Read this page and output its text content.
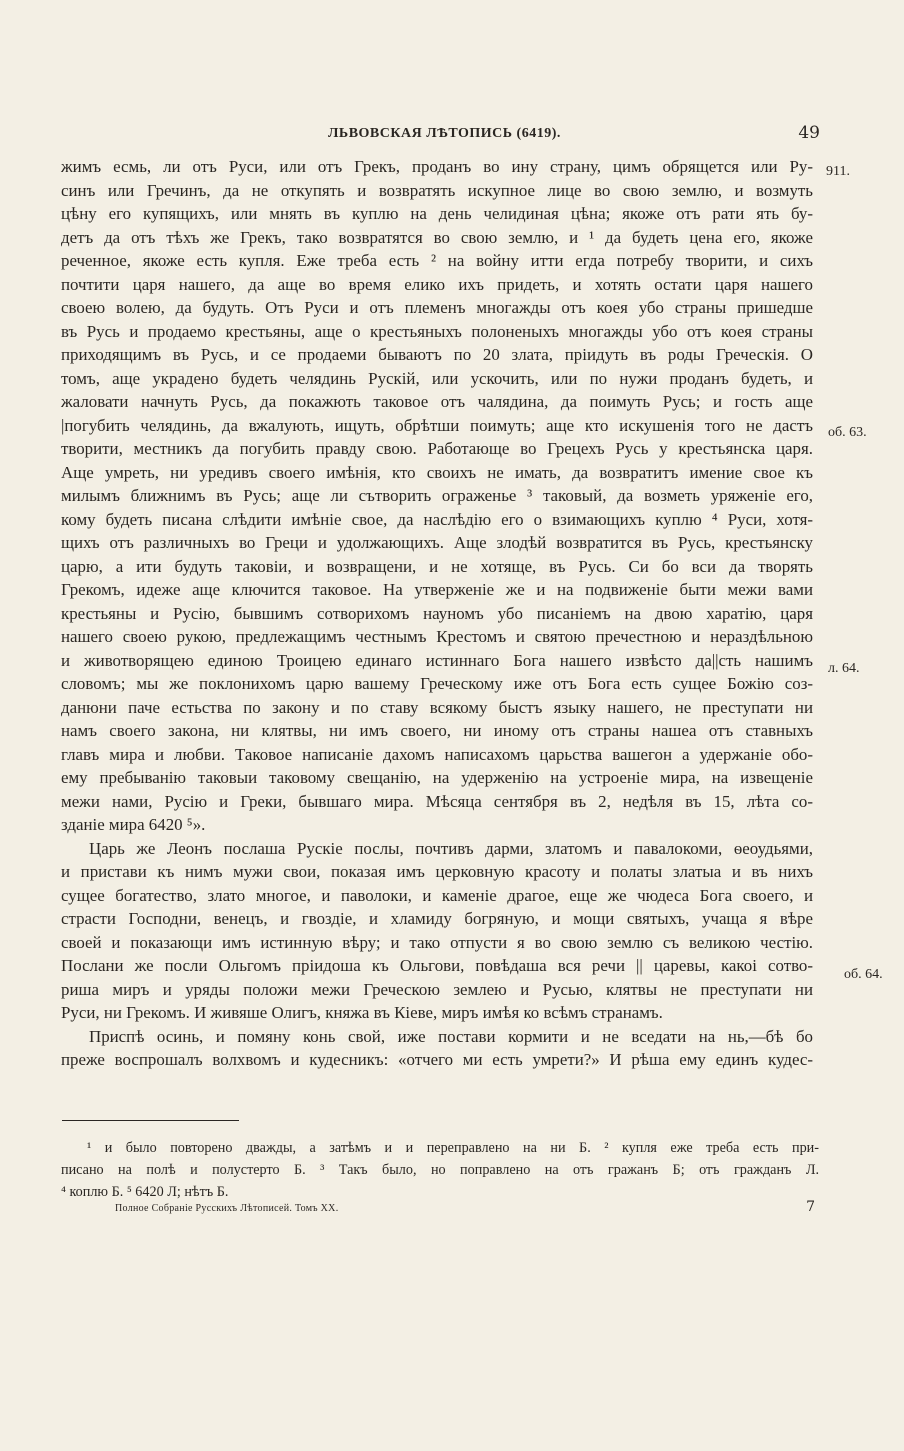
ЛЬВОВСКАЯ ЛѢТОПИСЬ (6419).	49
жимъ есмь, ли отъ Руси, или отъ Грекъ, проданъ во ину страну, цимъ обрящется или Ру-
синъ или Гречинъ, да не откупять и возвратять искупное лице во свою землю, и возмуть
цѣну его купящихъ, или мнять въ куплю на день челидиная цѣна; якоже отъ рати ять бу-
детъ да отъ тѣхъ же Грекъ, тако возвратятся во свою землю, и ¹ да будеть цена его, якоже
реченное, якоже есть купля. Еже треба есть ² на войну итти егда потребу творити, и сихъ
почтити царя нашего, да аще во время елико ихъ придеть, и хотять остати царя нашего
своею волею, да будуть. Отъ Руси и отъ племенъ многажды отъ коея убо страны пришедше
въ Русь и продаемо крестьяны, аще о крестьяныхъ полоненыхъ многажды убо отъ коея страны
приходящимъ въ Русь, и се продаеми бываютъ по 20 злата, прiидуть въ роды Греческiя. О
томъ, аще украдено будеть челядинь Рускiй, или ускочить, или по нужи проданъ будеть, и
жаловати начнуть Русь, да покажють таковое отъ чалядина, да поимуть Русь; и гость аще
|погубить челядинь, да вжалують, ищуть, обрѣтши поимуть; аще кто искушенiя того не дастъ
творити, местникъ да погубить правду свою. Работающе во Грецехъ Русь у крестьянска царя.
Аще умреть, ни уредивъ своего имѣнiя, кто своихъ не имать, да возвратитъ имениe свое къ
милымъ ближнимъ въ Русь; аще ли сътворить ограженье ³ таковый, да возметь уряженiе его,
кому будеть писана слѣдити имѣнiе свое, да наслѣдiю его о взимающихъ куплю ⁴ Руси, хотя-
щихъ отъ различныхъ во Греци и удолжающихъ. Аще злодѣй возвратится въ Русь, крестьянску
царю, а ити будуть таковiи, и возвращени, и не хотяще, въ Русь. Си бо вси да творять
Грекомъ, идеже аще ключится таковое. На утверженiе же и на подвиженiе быти межи вами
крестьяны и Русiю, бывшимъ сотворихомъ науномъ убо писанiемъ на двою харатiю, царя
нашего своею рукою, предлежащимъ честнымъ Крестомъ и святою пречестною и нераздѣльною
и животворящею единою Троицею единаго истиннаго Бога нашего извѣсто да||сть нашимъ
словомъ; мы же поклонихомъ царю вашему Греческому иже отъ Бога есть сущее Божiю соз-
данюни паче естьства по закону и по ставу всякому быстъ языку нашего, не преступати ни
намъ своего закона, ни клятвы, ни имъ своего, ни иному отъ страны нашеа отъ ставныхъ
главъ мира и любви. Таковое написанiе дахомъ написахомъ царьства вашегон а удержанiе обо-
ему пребыванiю таковыи таковому свещанiю, на удерженiю на устроенiе мира, на извещенiе
межи нами, Русiю и Греки, бывшаго мира. Мѣсяца сентября въ 2, недѣля въ 15, лѣта со-
зданiе мира 6420 ⁵».
Царь же Леонъ послаша Рускiе послы, почтивъ дарми, златомъ и павалокоми, ѳеоудьями,
и пристави къ нимъ мужи свои, показая имъ церковную красоту и полаты златыа и въ нихъ
сущее богатество, злато многое, и паволоки, и каменiе драгое, еще же чюдеса Бога своего, и
страсти Господни, венецъ, и гвоздiе, и хламиду богряную, и мощи святыхъ, учаща я вѣре
своей и показающи имъ истинную вѣру; и тако отпусти я во свою землю съ великою честiю.
Послани же посли Ольгомъ прiидоша къ Ольгови, повѣдаша вся речи || царевы, какоi сотво-
риша миръ и уряды положи межи Греческою землею и Русью, клятвы не преступати ни
Руси, ни Грекомъ. И живяше Олигъ, княжа въ Кiеве, миръ имѣя ко всѣмъ странамъ.
Приспѣ осинь, и помяну конь свой, иже постави кормити и не вседати на нь,—бѣ бо
преже воспрошалъ волхвомъ и кудесникъ: «отчего ми есть умрети?» И рѣша ему единъ кудес-
911.
об. 63.
л. 64.
об. 64.
¹ и было повторено дважды, а затѣмъ и и переправлено на ни Б. ² купля еже треба есть при-
писано на полѣ и полустерто Б. ³ Такъ было, но поправлено на отъ гражанъ Б; отъ гражданъ Л.
⁴ коплю Б. ⁵ 6420 Л; нѣтъ Б.
Полное Собранiе Русскихъ Лѣтописей. Томъ XX.	7
